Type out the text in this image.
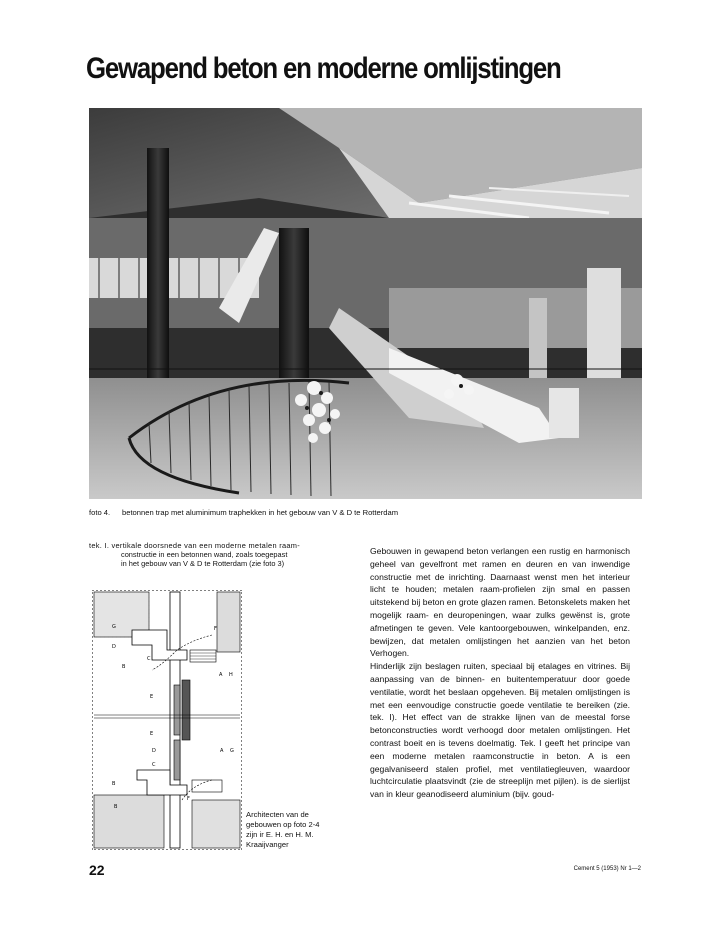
Gewapend beton en moderne omlijstingen
foto 4. betonnen trap met aluminimum traphekken in het gebouw van V & D te Rotterdam
tek. I. vertikale doorsnede van een moderne metalen raam-
constructie in een betonnen wand, zoals toegepast
in het gebouw van V & D te Rotterdam (zie foto 3)
G	F
C
D
B
A H
E
E
D	A G
C
B
F
B
Architecten van de
gebouwen op foto 2-4
zijn ir E. H. en H. M.
Kraaijvanger

Gebouwen in gewapend beton verlangen een rustig en harmonisch geheel van gevelfront met ramen en deuren en van inwendige constructie met de inrichting. Daarnaast wenst men het interieur licht te houden; metalen raam-profielen zijn smal en passen uitstekend bij beton en grote glazen ramen. Betonskelets maken het mogelijk raam- en deuropeningen, waar zulks gewënst is, grote afmetingen te geven. Vele kantoorgebouwen, winkelpanden, enz. bewijzen, dat metalen omlijstingen het aanzien van het beton Verhogen.

Hinderlijk zijn beslagen ruiten, speciaal bij etalages en vitrines. Bij aanpassing van de binnen- en buitentemperatuur door goede ventilatie, wordt het beslaan opgeheven. Bij metalen omlijstingen is met een eenvoudige constructie goede ventilatie te bereiken (zie. tek. I). Het effect van de strakke lijnen van de meestal forse betonconstructies wordt verhoogd door metalen omlijstingen. Het contrast boeit en is tevens doelmatig. Tek. I geeft het principe van een moderne metalen raamconstructie in beton. A is een gegalvaniseerd stalen profiel, met ventilatiegleuven, waardoor luchtcirculatie plaatsvindt (zie de streeplijn met pijlen). is de sierlijst van in kleur geanodiseerd aluminium (bijv. goud-

22	Cement 5 (1953) Nr 1—2
